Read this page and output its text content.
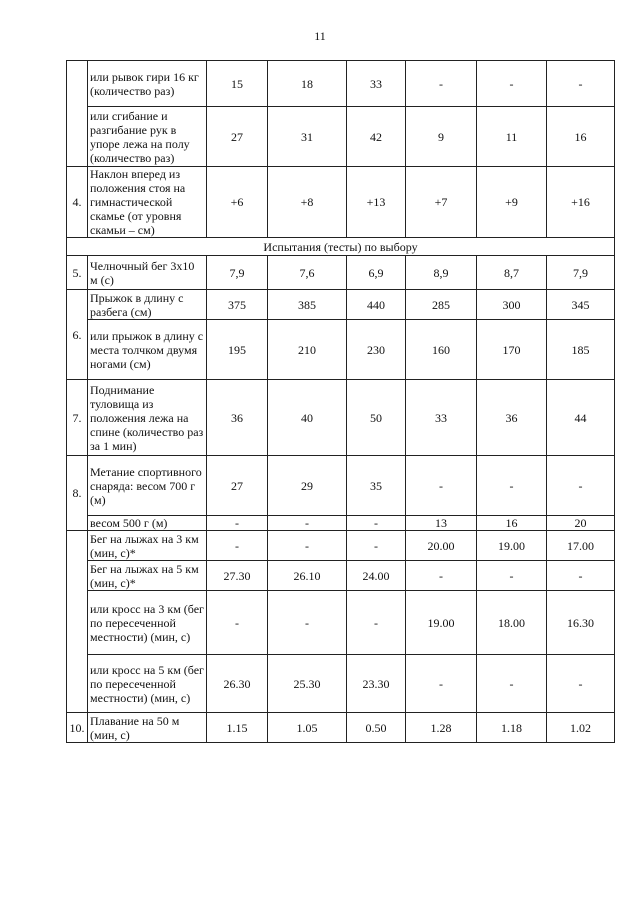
11
	или рывок гири 16 кг (количество раз)	15	18	33	-	-	-
	или сгибание и разгибание рук в упоре лежа на полу (количество раз)	27	31	42	9	11	16
4.	Наклон вперед из положения стоя на гимнастической скамье (от уровня скамьи – см)	+6	+8	+13	+7	+9	+16
Испытания (тесты) по выбору							
5.	Челночный бег 3х10 м (с)	7,9	7,6	6,9	8,9	8,7	7,9
6.	Прыжок в длину с разбега (см)	375	385	440	285	300	345
	или прыжок в длину с места толчком двумя ногами (см)	195	210	230	160	170	185
7.	Поднимание туловища из положения лежа на спине (количество раз за 1 мин)	36	40	50	33	36	44
8.	Метание спортивного снаряда: весом 700 г (м)	27	29	35	-	-	-
	весом 500 г (м)	-	-	-	13	16	20
	Бег на лыжах на 3 км (мин, с)*	-	-	-	20.00	19.00	17.00
	Бег на лыжах на 5 км (мин, с)*	27.30	26.10	24.00	-	-	-
	или кросс на 3 км (бег по пересеченной местности) (мин, с)	-	-	-	19.00	18.00	16.30
	или кросс на 5 км (бег по пересеченной местности) (мин, с)	26.30	25.30	23.30	-	-	-
10.	Плавание на 50 м (мин, с)	1.15	1.05	0.50	1.28	1.18	1.02
